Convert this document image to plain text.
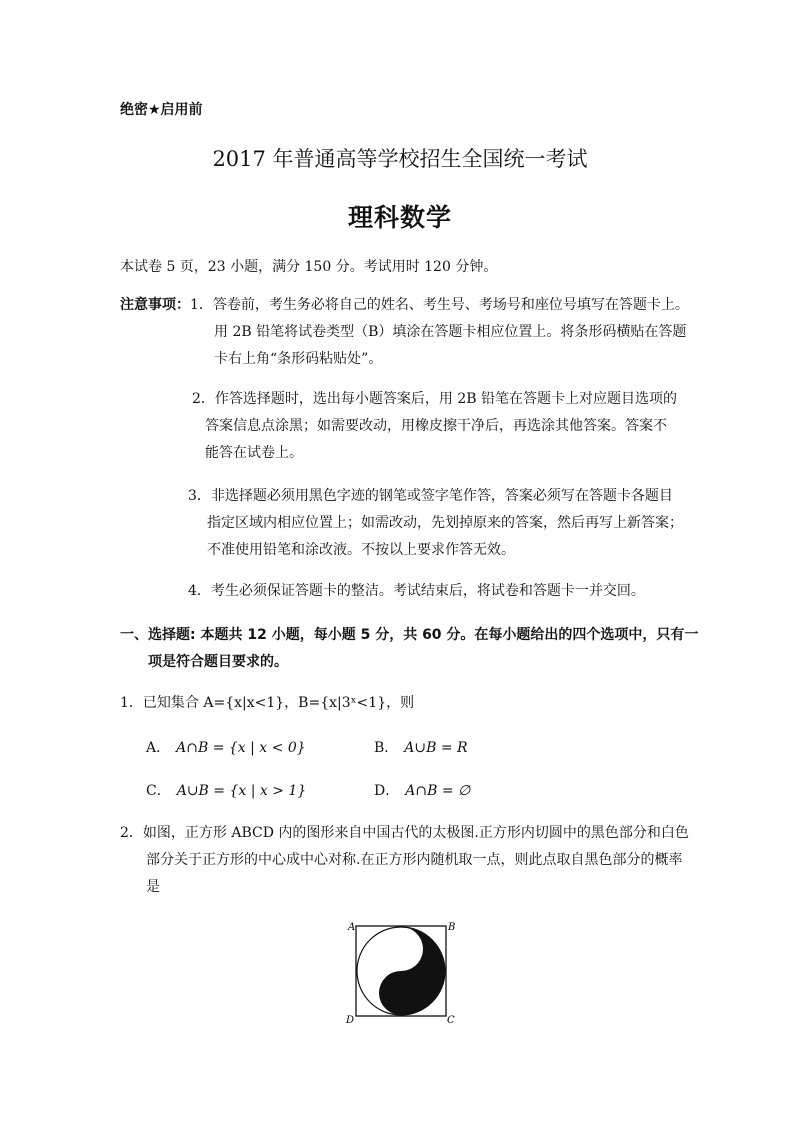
绝密★启用前
2017 年普通高等学校招生全国统一考试
理科数学
本试卷 5 页，23 小题，满分 150 分。考试用时 120 分钟。
注意事项：1．答卷前，考生务必将自己的姓名、考生号、考场号和座位号填写在答题卡上。
用 2B 铅笔将试卷类型（B）填涂在答题卡相应位置上。将条形码横贴在答题
卡右上角“条形码粘贴处”。
2．作答选择题时，选出每小题答案后，用 2B 铅笔在答题卡上对应题目选项的
答案信息点涂黑；如需要改动，用橡皮擦干净后，再选涂其他答案。答案不
能答在试卷上。
3．非选择题必须用黑色字迹的钢笔或签字笔作答，答案必须写在答题卡各题目
指定区域内相应位置上；如需改动，先划掉原来的答案，然后再写上新答案；
不准使用铅笔和涂改液。不按以上要求作答无效。
4．考生必须保证答题卡的整洁。考试结束后，将试卷和答题卡一并交回。
一、选择题: 本题共 12 小题，每小题 5 分，共 60 分。在每小题给出的四个选项中，只有一
项是符合题目要求的。
1．已知集合 A={x|x<1}，B={x|3ˣ<1}，则
A． A∩B = {x | x < 0}	B． A∪B = R
C． A∪B = {x | x > 1}	D． A∩B = ∅
2．如图，正方形 ABCD 内的图形来自中国古代的太极图.正方形内切圆中的黑色部分和白色
部分关于正方形的中心成中心对称.在正方形内随机取一点，则此点取自黑色部分的概率
是
A	B
C
D
